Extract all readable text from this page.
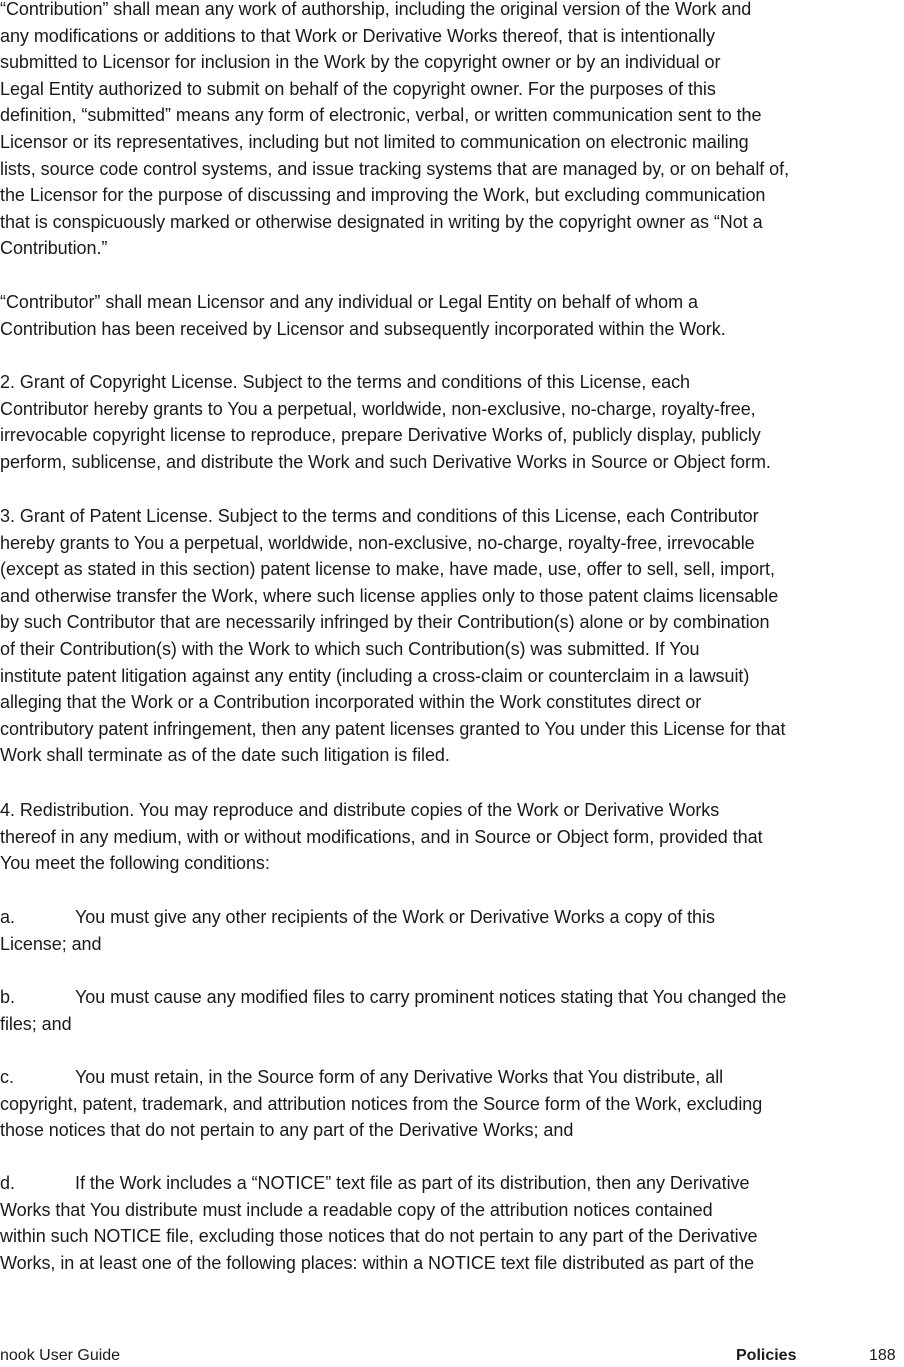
“Contribution” shall mean any work of authorship, including the original version of the Work and
any modifications or additions to that Work or Derivative Works thereof, that is intentionally
submitted to Licensor for inclusion in the Work by the copyright owner or by an individual or
Legal Entity authorized to submit on behalf of the copyright owner. For the purposes of this
definition, “submitted” means any form of electronic, verbal, or written communication sent to the
Licensor or its representatives, including but not limited to communication on electronic mailing
lists, source code control systems, and issue tracking systems that are managed by, or on behalf of,
the Licensor for the purpose of discussing and improving the Work, but excluding communication
that is conspicuously marked or otherwise designated in writing by the copyright owner as “Not a
Contribution.”

“Contributor” shall mean Licensor and any individual or Legal Entity on behalf of whom a
Contribution has been received by Licensor and subsequently incorporated within the Work.

2. Grant of Copyright License. Subject to the terms and conditions of this License, each
Contributor hereby grants to You a perpetual, worldwide, non-exclusive, no-charge, royalty-free,
irrevocable copyright license to reproduce, prepare Derivative Works of, publicly display, publicly
perform, sublicense, and distribute the Work and such Derivative Works in Source or Object form.

3. Grant of Patent License. Subject to the terms and conditions of this License, each Contributor
hereby grants to You a perpetual, worldwide, non-exclusive, no-charge, royalty-free, irrevocable
(except as stated in this section) patent license to make, have made, use, offer to sell, sell, import,
and otherwise transfer the Work, where such license applies only to those patent claims licensable
by such Contributor that are necessarily infringed by their Contribution(s) alone or by combination
of their Contribution(s) with the Work to which such Contribution(s) was submitted. If You
institute patent litigation against any entity (including a cross-claim or counterclaim in a lawsuit)
alleging that the Work or a Contribution incorporated within the Work constitutes direct or
contributory patent infringement, then any patent licenses granted to You under this License for that
Work shall terminate as of the date such litigation is filed.

4. Redistribution. You may reproduce and distribute copies of the Work or Derivative Works
thereof in any medium, with or without modifications, and in Source or Object form, provided that
You meet the following conditions:

a.	You must give any other recipients of the Work or Derivative Works a copy of this
License; and

b.	You must cause any modified files to carry prominent notices stating that You changed the
files; and

c.	You must retain, in the Source form of any Derivative Works that You distribute, all
copyright, patent, trademark, and attribution notices from the Source form of the Work, excluding
those notices that do not pertain to any part of the Derivative Works; and

d.	If the Work includes a “NOTICE” text file as part of its distribution, then any Derivative
Works that You distribute must include a readable copy of the attribution notices contained
within such NOTICE file, excluding those notices that do not pertain to any part of the Derivative
Works, in at least one of the following places: within a NOTICE text file distributed as part of the

nook User Guide	Policies	188
